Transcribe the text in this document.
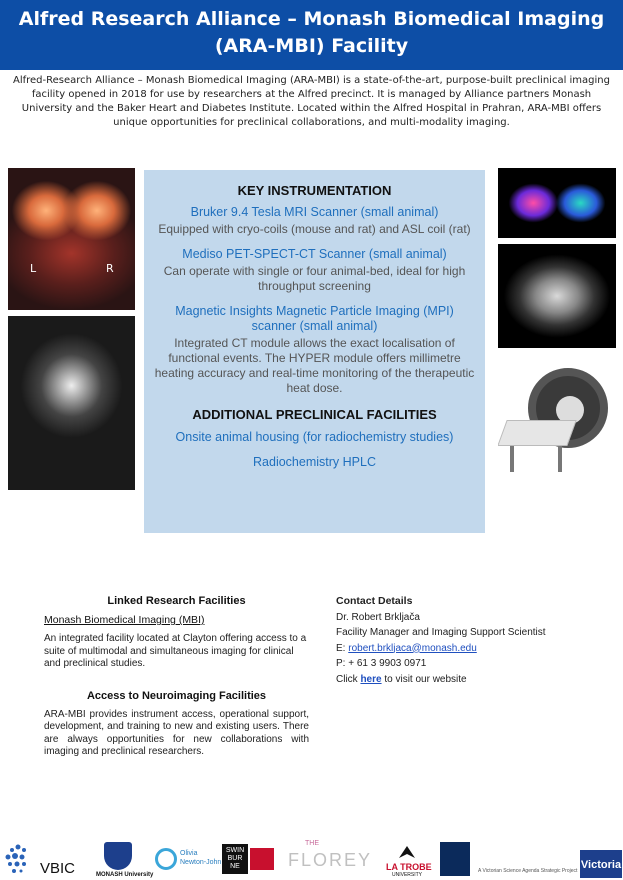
Alfred Research Alliance – Monash Biomedical Imaging
(ARA-MBI) Facility

Alfred-Research Alliance – Monash Biomedical Imaging (ARA-MBI) is a state-of-the-art, purpose-built preclinical imaging facility opened in 2018 for use by researchers at the Alfred precinct. It is managed by Alliance partners Monash University and the Baker Heart and Diabetes Institute. Located within the Alfred Hospital in Prahran, ARA-MBI offers unique opportunities for preclinical collaborations, and multi-modality imaging.

L	R
KEY INSTRUMENTATION
Bruker 9.4 Tesla MRI Scanner (small animal)
Equipped with cryo-coils (mouse and rat) and ASL coil (rat)
Mediso PET-SPECT-CT Scanner (small animal)
Can operate with single or four animal-bed, ideal for high throughput screening
Magnetic Insights Magnetic Particle Imaging (MPI) scanner (small animal)
Integrated CT module allows the exact localisation of functional events. The HYPER module offers millimetre heating accuracy and real-time monitoring of the therapeutic heat dose.
ADDITIONAL PRECLINICAL FACILITIES
Onsite animal housing (for radiochemistry studies)
Radiochemistry HPLC
Linked Research Facilities
Monash Biomedical Imaging (MBI)

An integrated facility located at Clayton offering access to a suite of multimodal and simultaneous imaging for clinical and preclinical studies.

Access to Neuroimaging Facilities

ARA-MBI provides instrument access, operational support, development, and training to new and existing users. There are always opportunities for new collaborations with imaging and preclinical researchers.

Contact Details
Dr. Robert Brkljača
Facility Manager and Imaging Support Scientist
E: robert.brkljaca@monash.edu
P: + 61 3 9903 0971
Click here to visit our website
VBIC	MONASH University
Olivia
Newton-John
SWIN BUR NE
THE
FLOREY LA TROBE
UNIVERSITY
A Victorian Science Agenda Strategic Project Victoria
